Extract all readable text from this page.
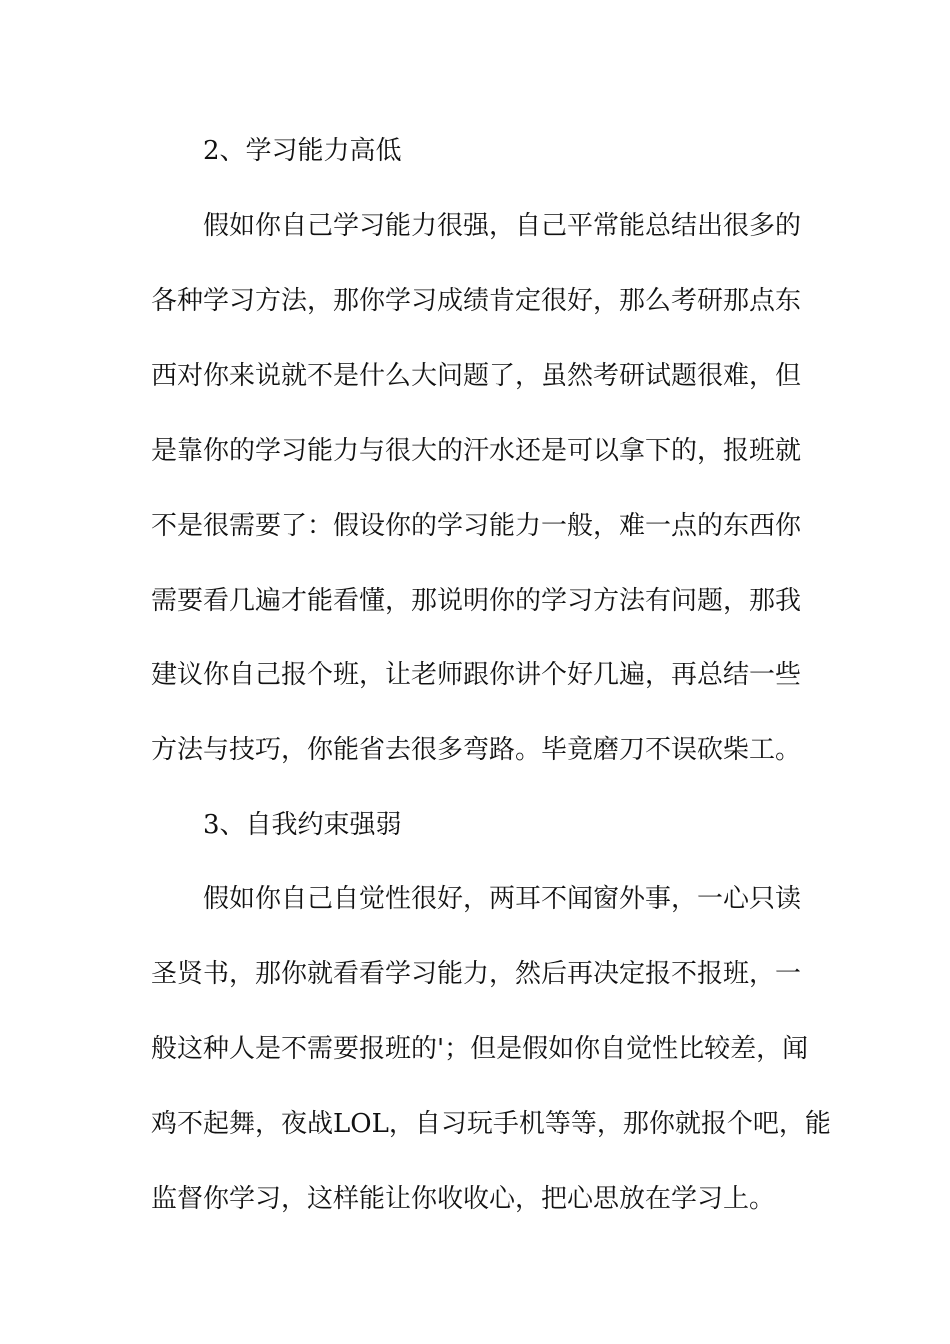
2、学习能力高低
假如你自己学习能力很强，自己平常能总结出很多的
各种学习方法，那你学习成绩肯定很好，那么考研那点东
西对你来说就不是什么大问题了，虽然考研试题很难，但
是靠你的学习能力与很大的汗水还是可以拿下的，报班就
不是很需要了：假设你的学习能力一般，难一点的东西你
需要看几遍才能看懂，那说明你的学习方法有问题，那我
建议你自己报个班，让老师跟你讲个好几遍，再总结一些
方法与技巧，你能省去很多弯路。毕竟磨刀不误砍柴工。
3、自我约束强弱
假如你自己自觉性很好，两耳不闻窗外事，一心只读
圣贤书，那你就看看学习能力，然后再决定报不报班，一
般这种人是不需要报班的'；但是假如你自觉性比较差，闻
鸡不起舞，夜战LOL，自习玩手机等等，那你就报个吧，能
监督你学习，这样能让你收收心，把心思放在学习上。
